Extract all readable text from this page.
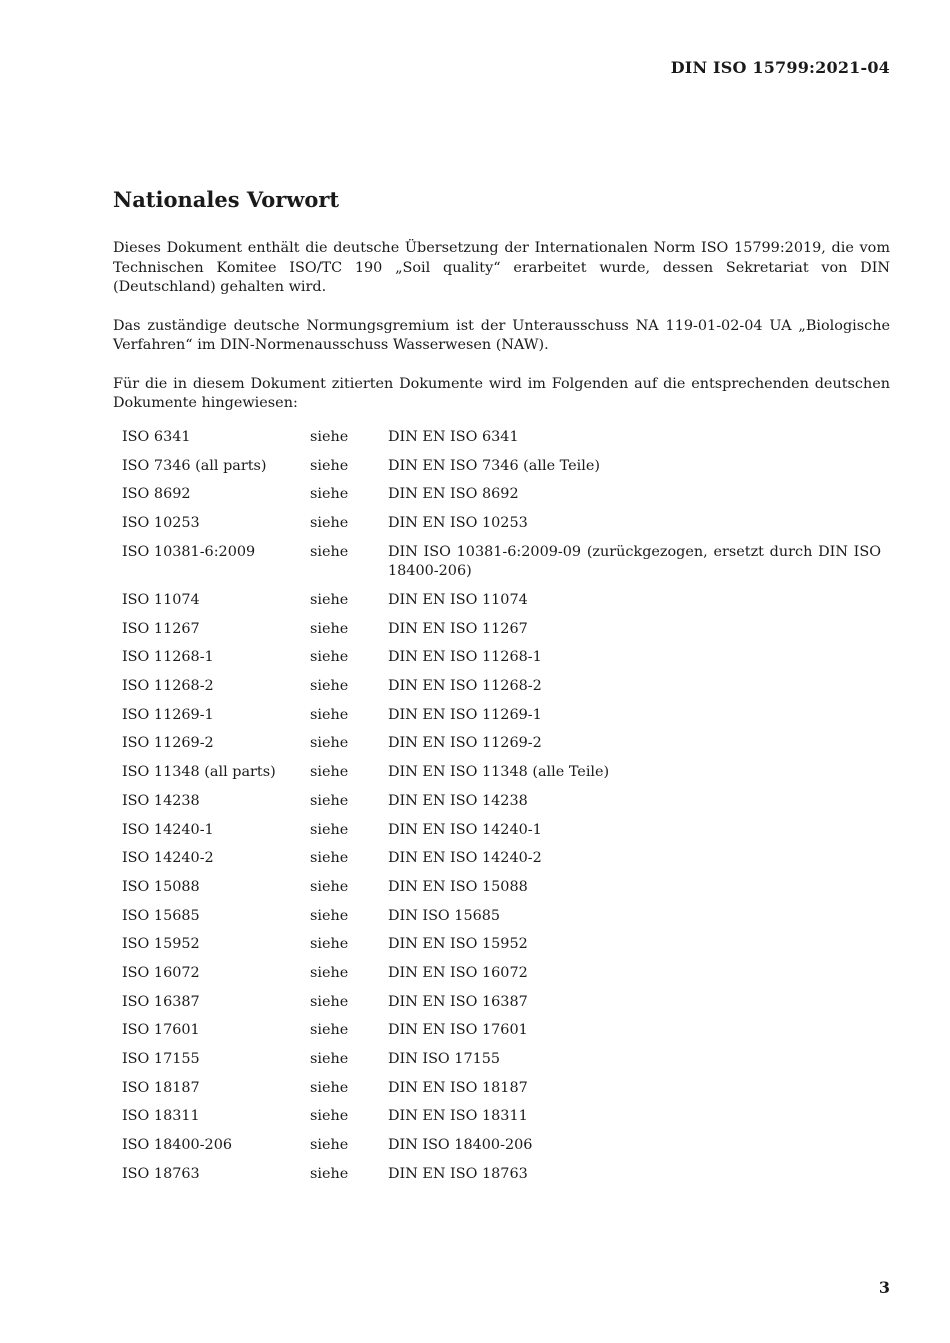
DIN ISO 15799:2021-04
Nationales Vorwort

Dieses Dokument enthält die deutsche Übersetzung der Internationalen Norm ISO 15799:2019, die vom Technischen Komitee ISO/TC 190 „Soil quality“ erarbeitet wurde, dessen Sekretariat von DIN (Deutschland) gehalten wird.

Das zuständige deutsche Normungsgremium ist der Unterausschuss NA 119-01-02-04 UA „Biologische Verfahren“ im DIN-Normenausschuss Wasserwesen (NAW).

Für die in diesem Dokument zitierten Dokumente wird im Folgenden auf die entsprechenden deutschen Dokumente hingewiesen:

ISO 6341	siehe	DIN EN ISO 6341
ISO 7346 (all parts)	siehe	DIN EN ISO 7346 (alle Teile)
ISO 8692	siehe	DIN EN ISO 8692
ISO 10253	siehe	DIN EN ISO 10253
ISO 10381-6:2009	siehe	DIN ISO 10381-6:2009-09 (zurückgezogen, ersetzt durch DIN ISO 18400-206)
ISO 11074	siehe	DIN EN ISO 11074
ISO 11267	siehe	DIN EN ISO 11267
ISO 11268-1	siehe	DIN EN ISO 11268-1
ISO 11268-2	siehe	DIN EN ISO 11268-2
ISO 11269-1	siehe	DIN EN ISO 11269-1
ISO 11269-2	siehe	DIN EN ISO 11269-2
ISO 11348 (all parts)	siehe	DIN EN ISO 11348 (alle Teile)
ISO 14238	siehe	DIN EN ISO 14238
ISO 14240-1	siehe	DIN EN ISO 14240-1
ISO 14240-2	siehe	DIN EN ISO 14240-2
ISO 15088	siehe	DIN EN ISO 15088
ISO 15685	siehe	DIN ISO 15685
ISO 15952	siehe	DIN EN ISO 15952
ISO 16072	siehe	DIN EN ISO 16072
ISO 16387	siehe	DIN EN ISO 16387
ISO 17601	siehe	DIN EN ISO 17601
ISO 17155	siehe	DIN ISO 17155
ISO 18187	siehe	DIN EN ISO 18187
ISO 18311	siehe	DIN EN ISO 18311
ISO 18400-206	siehe	DIN ISO 18400-206
ISO 18763	siehe	DIN EN ISO 18763
3
